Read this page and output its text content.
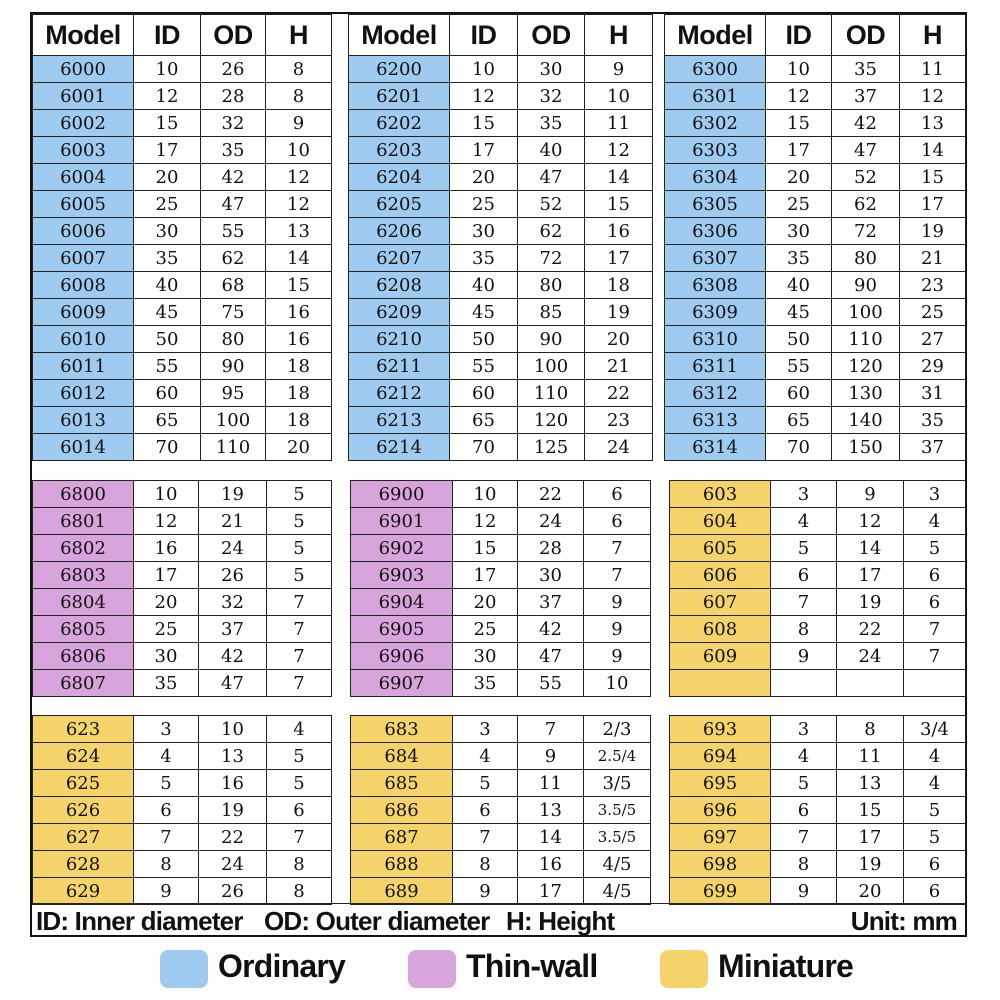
Model	ID	OD	H
6000	10	26	8
6001	12	28	8
6002	15	32	9
6003	17	35	10
6004	20	42	12
6005	25	47	12
6006	30	55	13
6007	35	62	14
6008	40	68	15
6009	45	75	16
6010	50	80	16
6011	55	90	18
6012	60	95	18
6013	65	100	18
6014	70	110	20
Model	ID	OD	H
6200	10	30	9
6201	12	32	10
6202	15	35	11
6203	17	40	12
6204	20	47	14
6205	25	52	15
6206	30	62	16
6207	35	72	17
6208	40	80	18
6209	45	85	19
6210	50	90	20
6211	55	100	21
6212	60	110	22
6213	65	120	23
6214	70	125	24
Model	ID	OD	H
6300	10	35	11
6301	12	37	12
6302	15	42	13
6303	17	47	14
6304	20	52	15
6305	25	62	17
6306	30	72	19
6307	35	80	21
6308	40	90	23
6309	45	100	25
6310	50	110	27
6311	55	120	29
6312	60	130	31
6313	65	140	35
6314	70	150	37
6800	10	19	5
6801	12	21	5
6802	16	24	5
6803	17	26	5
6804	20	32	7
6805	25	37	7
6806	30	42	7
6807	35	47	7
6900	10	22	6
6901	12	24	6
6902	15	28	7
6903	17	30	7
6904	20	37	9
6905	25	42	9
6906	30	47	9
6907	35	55	10
603	3	9	3
604	4	12	4
605	5	14	5
606	6	17	6
607	7	19	6
608	8	22	7
609	9	24	7

623	3	10	4
624	4	13	5
625	5	16	5
626	6	19	6
627	7	22	7
628	8	24	8
629	9	26	8
683	3	7	2/3
684	4	9	2.5/4
685	5	11	3/5
686	6	13	3.5/5
687	7	14	3.5/5
688	8	16	4/5
689	9	17	4/5
693	3	8	3/4
694	4	11	4
695	5	13	4
696	6	15	5
697	7	17	5
698	8	19	6
699	9	20	6
ID: Inner diameter OD: Outer diameter H: Height	Unit: mm
Ordinary	Thin-wall	Miniature
